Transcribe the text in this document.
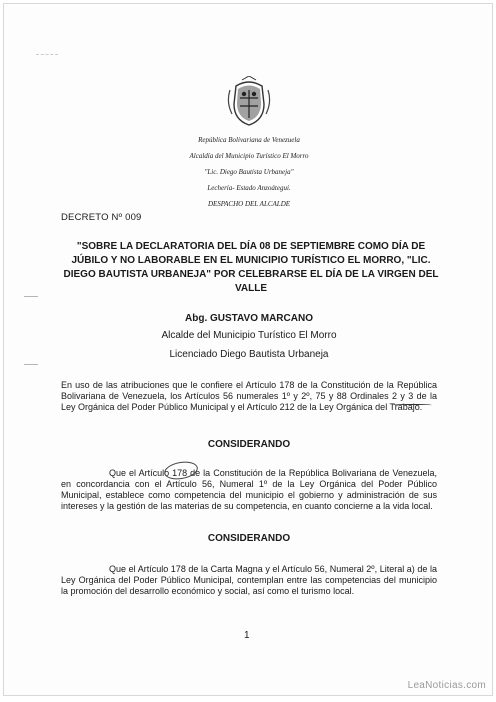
República Bolivariana de Venezuela
Alcaldía del Municipio Turístico El Morro
"Lic. Diego Bautista Urbaneja"
Lechería- Estado Anzoátegui.
DESPACHO DEL ALCALDE
DECRETO Nº 009
"SOBRE LA DECLARATORIA DEL DÍA 08 DE SEPTIEMBRE COMO DÍA DE JÚBILO Y NO LABORABLE EN EL MUNICIPIO TURÍSTICO EL MORRO, "LIC. DIEGO BAUTISTA URBANEJA" POR CELEBRARSE EL DÍA DE LA VIRGEN DEL VALLE
Abg. GUSTAVO MARCANO
Alcalde del Municipio Turístico El Morro
Licenciado Diego Bautista Urbaneja
En uso de las atribuciones que le confiere el Artículo 178 de la Constitución de la República Bolivariana de Venezuela, los Artículos 56 numerales 1º y 2º, 75 y 88 Ordinales 2 y 3 de la Ley Orgánica del Poder Público Municipal y el Artículo 212 de la Ley Orgánica del Trabajo.
CONSIDERANDO
Que el Artículo 178 de la Constitución de la República Bolivariana de Venezuela, en concordancia con el Artículo 56, Numeral 1º de la Ley Orgánica del Poder Público Municipal, establece como competencia del municipio el gobierno y administración de sus intereses y la gestión de las materias de su competencia, en cuanto concierne a la vida local.
CONSIDERANDO
Que el Artículo 178 de la Carta Magna y el Artículo 56, Numeral 2º, Literal a) de la Ley Orgánica del Poder Público Municipal, contemplan entre las competencias del municipio la promoción del desarrollo económico y social, así como el turismo local.
1
LeaNoticias.com
